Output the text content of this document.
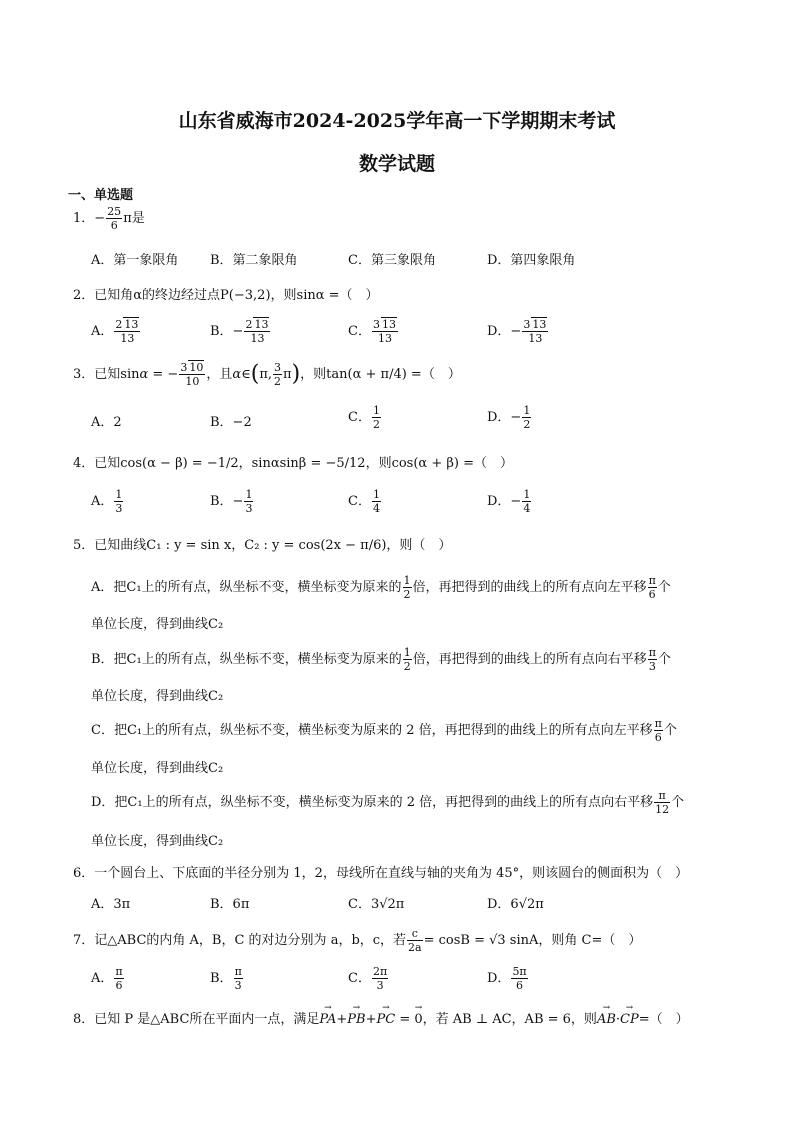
山东省威海市2024-2025学年高一下学期期末考试
数学试题
一、单选题
1．− $\frac{25}{6}$ π是
A．第一象限角 B．第二象限角	C．第三象限角	D．第四象限角
2．已知角α的终边经过点P(−3,2)，则sinα =（　）
A． $\frac{2 13}{13}$	B．− $\frac{2 13}{13}$	C． $\frac{3 13}{13}$	D．− $\frac{3 13}{13}$
3．已知sinα = − $\frac{3 10}{10}$ ，且α∈(π, $\frac{3}{2} \pi$)，则tan(α + π/4) =（　）
A．2	B．−2	C． $\frac{1}{2}$	D．− $\frac{1}{2}$
4．已知cos(α − β) = −1/2，sinαsinβ = −5/12，则cos(α + β) =（　）
A． $\frac{1}{3}$	B．− $\frac{1}{3}$	C． $\frac{1}{4}$	D．− $\frac{1}{4}$
5．已知曲线C₁ : y = sin x，C₂ : y = cos(2x − π/6)，则（　）
A．把C₁上的所有点，纵坐标不变，横坐标变为原来的 $\frac{1}{2}$ 倍，再把得到的曲线上的所有点向左平移 $\frac{\pi}{6}$ 个
单位长度，得到曲线C₂
B．把C₁上的所有点，纵坐标不变，横坐标变为原来的 $\frac{1}{2}$ 倍，再把得到的曲线上的所有点向右平移 $\frac{\pi}{3}$ 个
单位长度，得到曲线C₂
C．把C₁上的所有点，纵坐标不变，横坐标变为原来的 2 倍，再把得到的曲线上的所有点向左平移 $\frac{\pi}{6}$ 个
单位长度，得到曲线C₂
D．把C₁上的所有点，纵坐标不变，横坐标变为原来的 2 倍，再把得到的曲线上的所有点向右平移 $\frac{\pi}{12}$ 个
单位长度，得到曲线C₂
6．一个圆台上、下底面的半径分别为 1，2，母线所在直线与轴的夹角为 45°，则该圆台的侧面积为（　）
A．3π	B．6π	C．3√2π	D．6√2π
7．记△ABC的内角 A，B，C 的对边分别为 a，b，c，若 $\frac{c}{2a} = \cos B = √3$ sinA，则角 C=（　）
A． $\frac{\pi}{6}$	B． $\frac{\pi}{3}$	C． $\frac{2\pi}{3}$	D． $\frac{5\pi}{6}$
8．已知 P 是△ABC所在平面内一点，满足→ PA+→ PB+→ PC = → 0，若 AB ⊥ AC，AB = 6，则→ AB·→ CP=（　）
